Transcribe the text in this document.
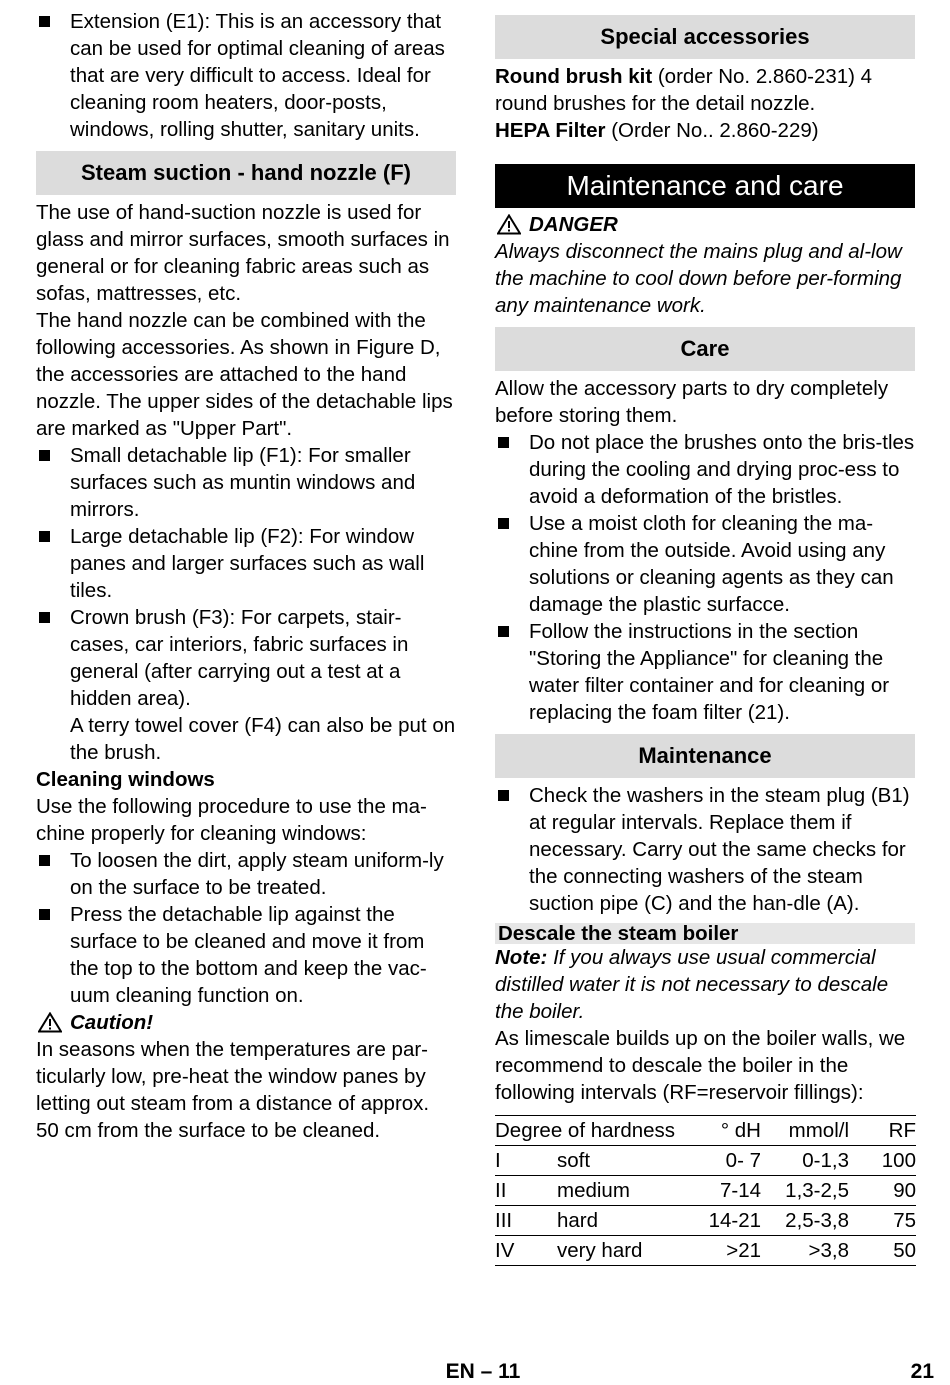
Extension (E1): This is an accessory that can be used for optimal cleaning of areas that are very difficult to access. Ideal for cleaning room heaters, door-posts, windows, rolling shutter, sanitary units.

Steam suction - hand nozzle (F)

The use of hand-suction nozzle is used for glass and mirror surfaces, smooth surfaces in general or for cleaning fabric areas such as sofas, mattresses, etc.

The hand nozzle can be combined with the following accessories. As shown in Figure D, the accessories are attached to the hand nozzle. The upper sides of the detachable lips are marked as "Upper Part".

Small detachable lip (F1): For smaller surfaces such as muntin windows and mirrors.

Large detachable lip (F2): For window panes and larger surfaces such as wall tiles.

Crown brush (F3): For carpets, stair-cases, car interiors, fabric surfaces in general (after carrying out a test at a hidden area).

A terry towel cover (F4) can also be put on the brush.

Cleaning windows

Use the following procedure to use the ma-chine properly for cleaning windows:

To loosen the dirt, apply steam uniform-ly on the surface to be treated.

Press the detachable lip against the surface to be cleaned and move it from the top to the bottom and keep the vac-uum cleaning function on.

Caution!

In seasons when the temperatures are par-ticularly low, pre-heat the window panes by letting out steam from a distance of approx. 50 cm from the surface to be cleaned.

Special accessories

Round brush kit (order No. 2.860-231) 4 round brushes for the detail nozzle.

HEPA Filter (Order No.. 2.860-229)

Maintenance and care
DANGER

Always disconnect the mains plug and al-low the machine to cool down before per-forming any maintenance work.

Care

Allow the accessory parts to dry completely before storing them.

Do not place the brushes onto the bris-tles during the cooling and drying proc-ess to avoid a deformation of the bristles.

Use a moist cloth for cleaning the ma-chine from the outside. Avoid using any solutions or cleaning agents as they can damage the plastic surfacce.

Follow the instructions in the section "Storing the Appliance" for cleaning the water filter container and for cleaning or replacing the foam filter (21).

Maintenance

Check the washers in the steam plug (B1) at regular intervals. Replace them if necessary. Carry out the same checks for the connecting washers of the steam suction pipe (C) and the han-dle (A).

Descale the steam boiler

Note: If you always use usual commercial distilled water it is not necessary to descale the boiler.

As limescale builds up on the boiler walls, we recommend to descale the boiler in the following intervals (RF=reservoir fillings):

Degree of hardness		° dH	mmol/l	RF
I	soft	0- 7	0-1,3	100
II	medium	7-14	1,3-2,5	90
III	hard	14-21	2,5-3,8	75
IV	very hard	>21	>3,8	50
EN – 11	21
